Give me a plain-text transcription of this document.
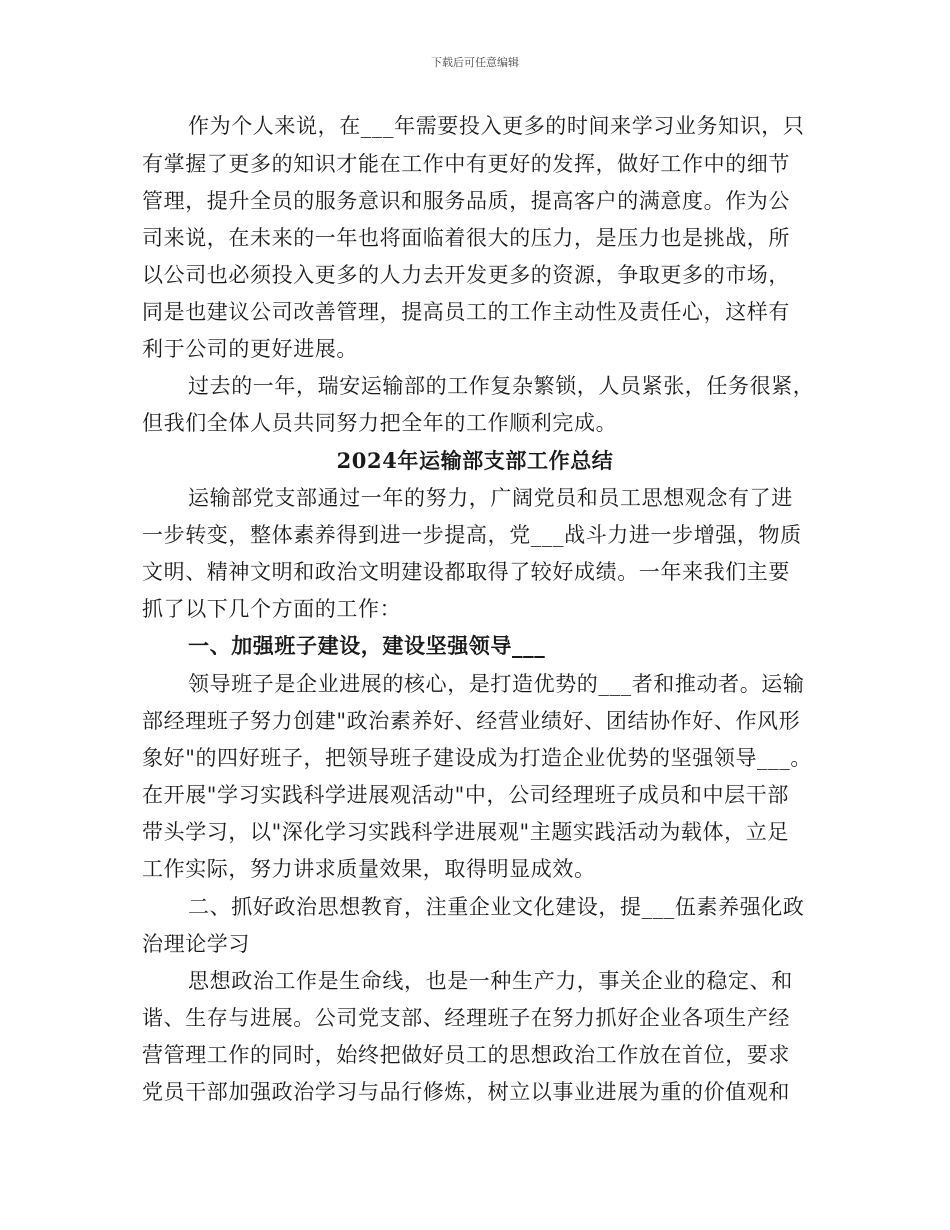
下载后可任意编辑
作为个人来说，在___年需要投入更多的时间来学习业务知识，只
有掌握了更多的知识才能在工作中有更好的发挥，做好工作中的细节
管理，提升全员的服务意识和服务品质，提高客户的满意度。作为公
司来说，在未来的一年也将面临着很大的压力，是压力也是挑战，所
以公司也必须投入更多的人力去开发更多的资源，争取更多的市场，
同是也建议公司改善管理，提高员工的工作主动性及责任心，这样有
利于公司的更好进展。
过去的一年，瑞安运输部的工作复杂繁锁，人员紧张，任务很紧，
但我们全体人员共同努力把全年的工作顺利完成。
2024年运输部支部工作总结
运输部党支部通过一年的努力，广阔党员和员工思想观念有了进
一步转变，整体素养得到进一步提高，党___战斗力进一步增强，物质
文明、精神文明和政治文明建设都取得了较好成绩。一年来我们主要
抓了以下几个方面的工作：
一、加强班子建设，建设坚强领导___
领导班子是企业进展的核心，是打造优势的___者和推动者。运输
部经理班子努力创建"政治素养好、经营业绩好、团结协作好、作风形
象好"的四好班子，把领导班子建设成为打造企业优势的坚强领导___。
在开展"学习实践科学进展观活动"中，公司经理班子成员和中层干部
带头学习，以"深化学习实践科学进展观"主题实践活动为载体，立足
工作实际，努力讲求质量效果，取得明显成效。
二、抓好政治思想教育，注重企业文化建设，提___伍素养强化政
治理论学习
思想政治工作是生命线，也是一种生产力，事关企业的稳定、和
谐、生存与进展。公司党支部、经理班子在努力抓好企业各项生产经
营管理工作的同时，始终把做好员工的思想政治工作放在首位，要求
党员干部加强政治学习与品行修炼，树立以事业进展为重的价值观和
